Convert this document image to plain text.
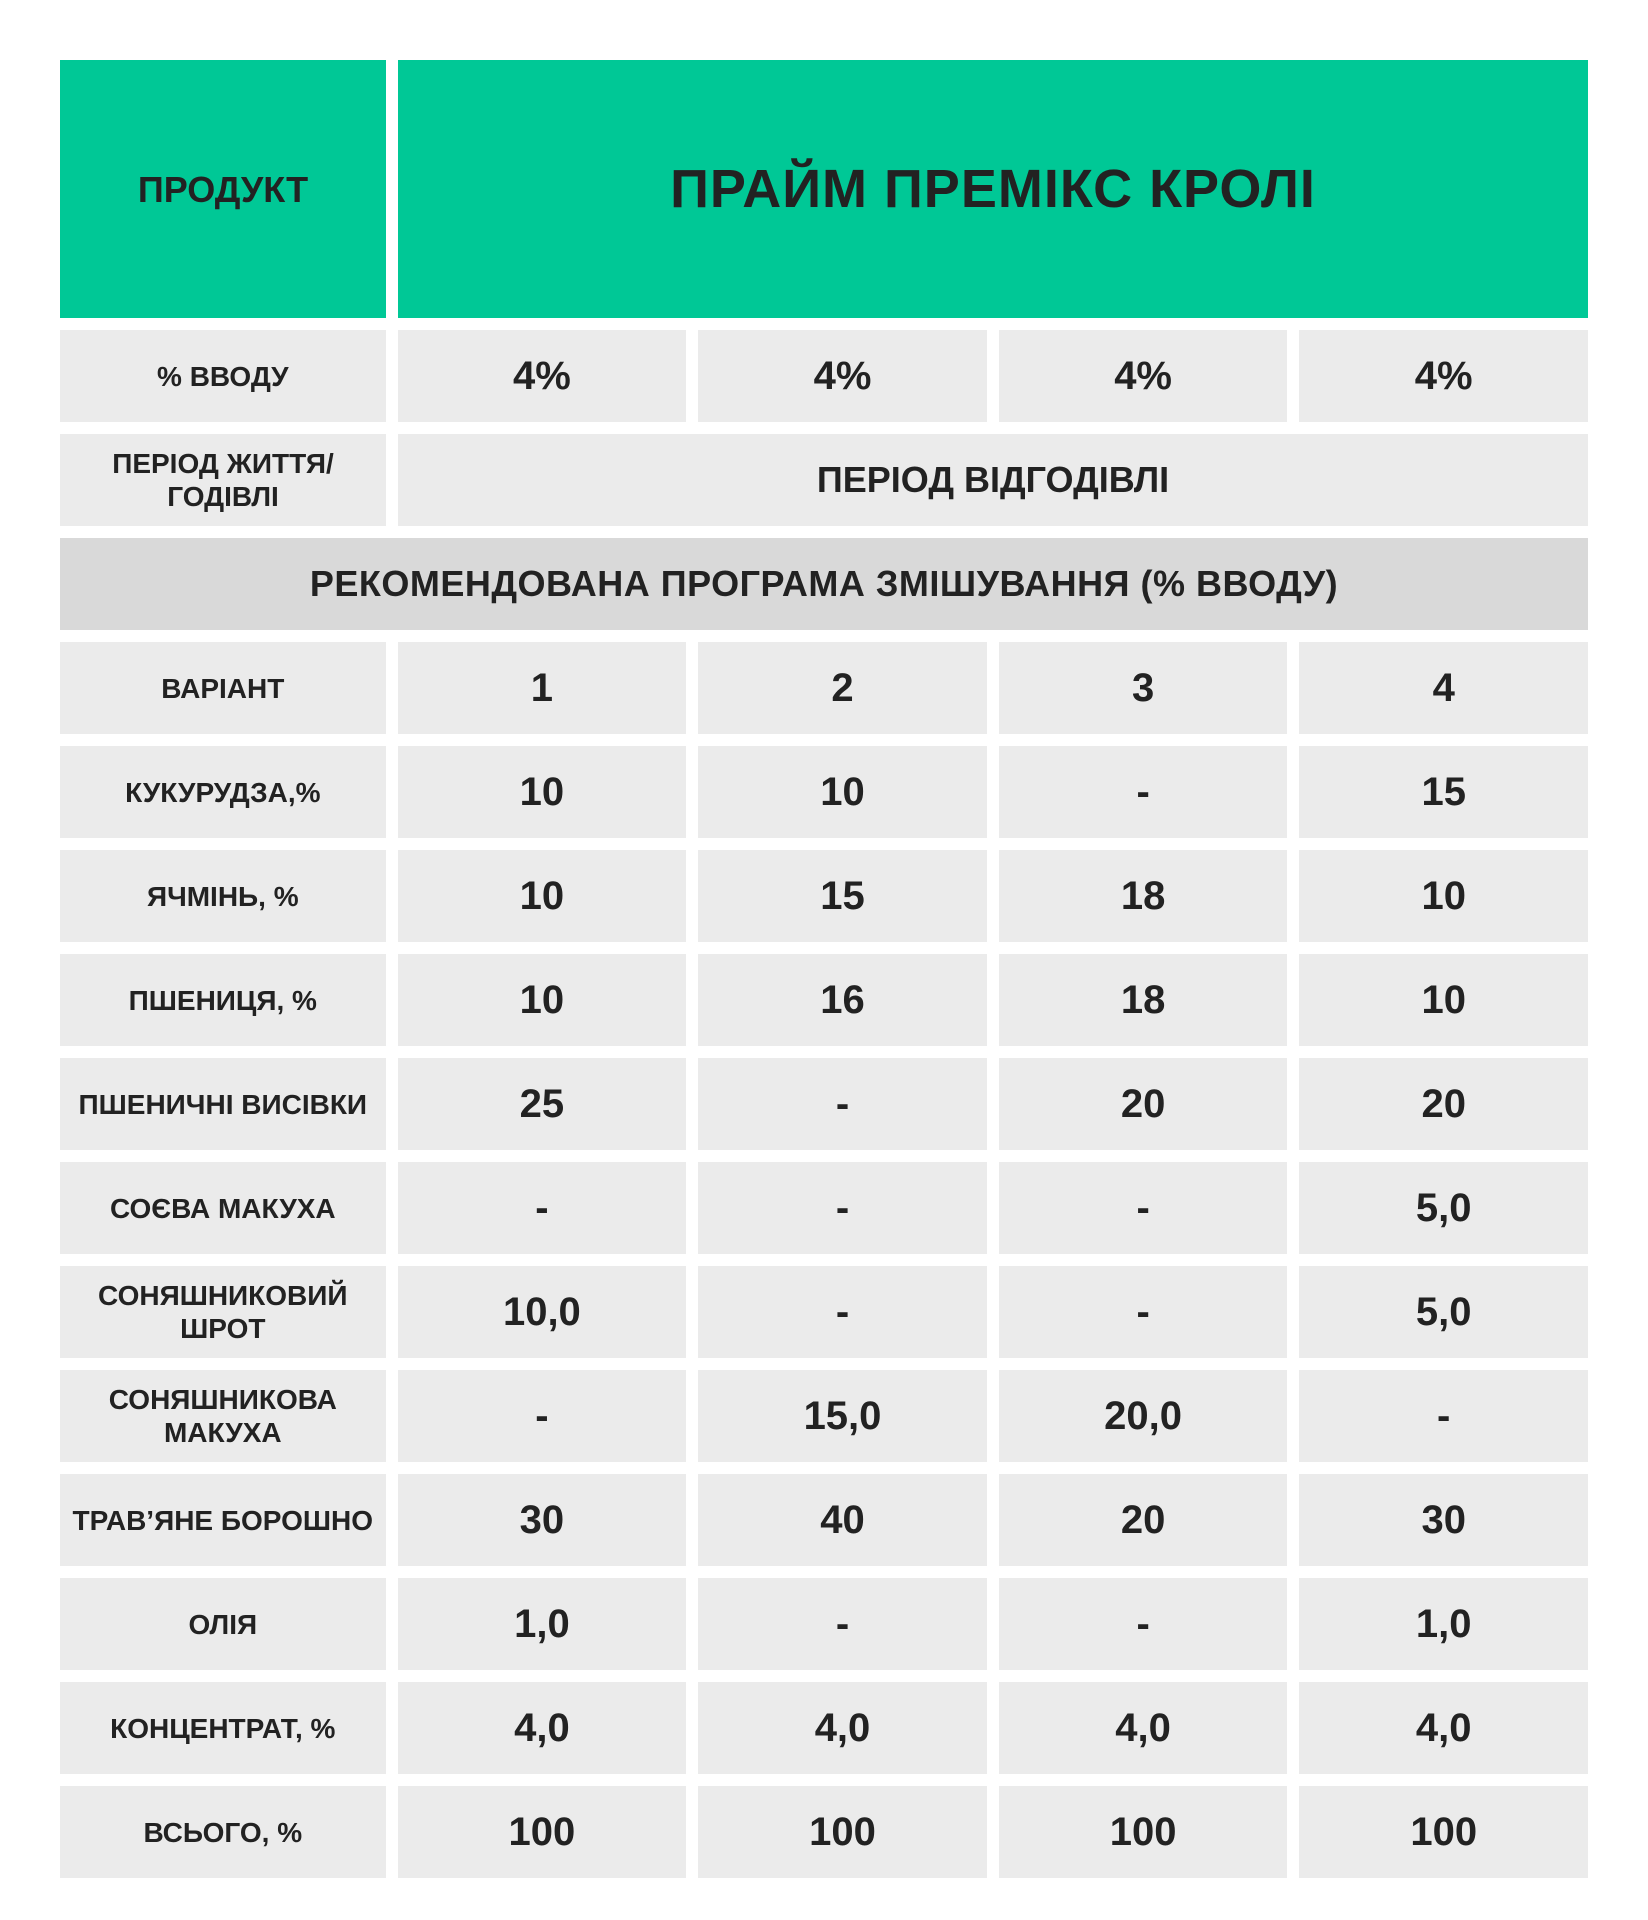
ПРОДУКТ	ПРАЙМ ПРЕМІКС КРОЛІ
% ВВОДУ	4%	4%	4%	4%
ПЕРІОД ЖИТТЯ/ГОДІВЛІ	ПЕРІОД ВІДГОДІВЛІ
РЕКОМЕНДОВАНА ПРОГРАМА ЗМІШУВАННЯ (% ВВОДУ)
ВАРІАНТ	1	2	3	4
КУКУРУДЗА,%	10	10	-	15
ЯЧМІНЬ, %	10	15	18	10
ПШЕНИЦЯ, %	10	16	18	10
ПШЕНИЧНІ ВИСІВКИ	25	-	20	20
СОЄВА МАКУХА	-	-	-	5,0
СОНЯШНИКОВИЙ ШРОТ	10,0	-	-	5,0
СОНЯШНИКОВА МАКУХА	-	15,0	20,0	-
ТРАВ’ЯНЕ БОРОШНО	30	40	20	30
ОЛІЯ	1,0	-	-	1,0
КОНЦЕНТРАТ, %	4,0	4,0	4,0	4,0
ВСЬОГО, %	100	100	100	100
